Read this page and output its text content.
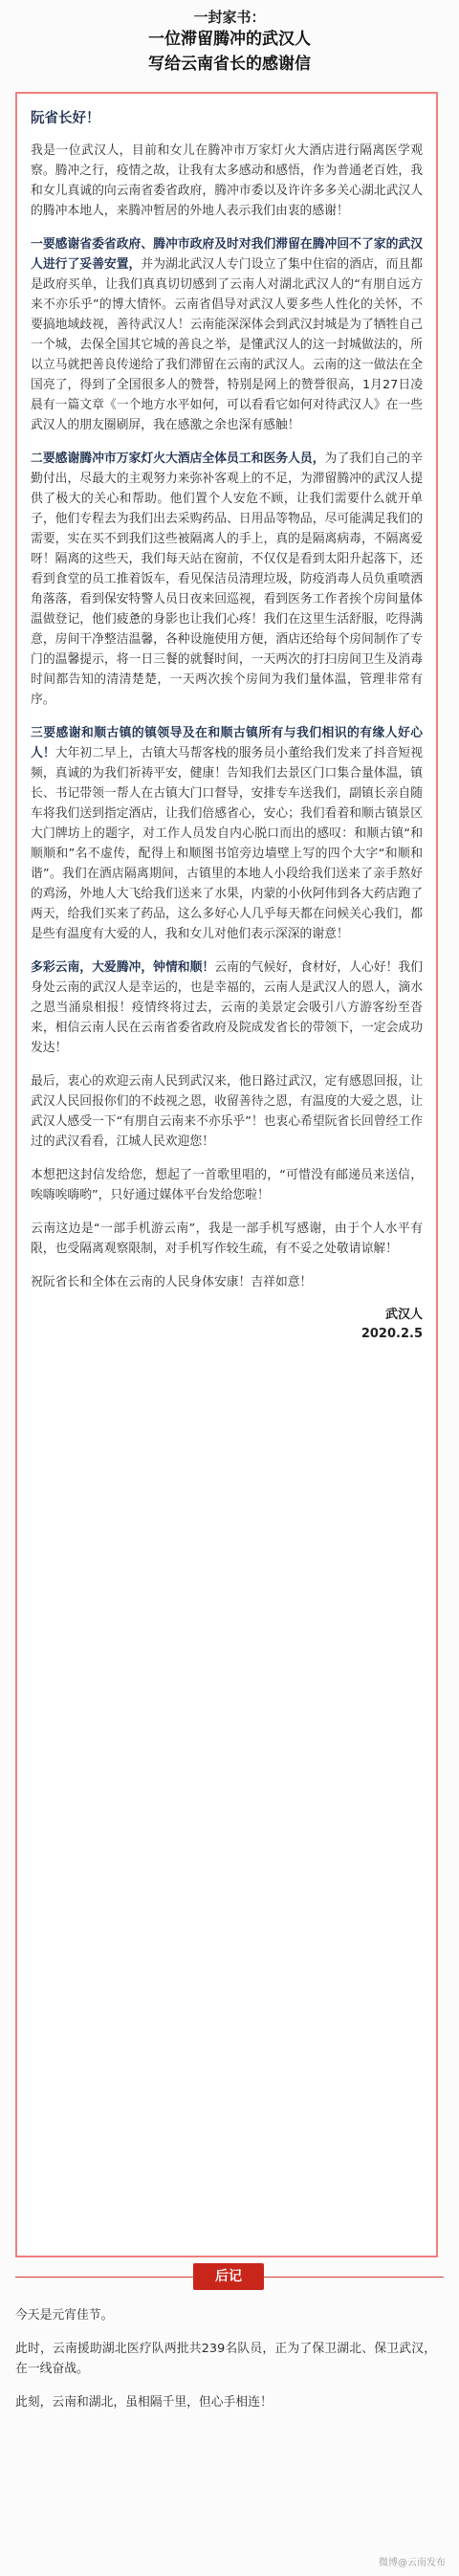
一封家书：
一位滞留腾冲的武汉人
写给云南省长的感谢信
阮省长好！

我是一位武汉人，目前和女儿在腾冲市万家灯火大酒店进行隔离医学观察。腾冲之行，疫情之故，让我有太多感动和感悟，作为普通老百姓，我和女儿真诚的向云南省委省政府，腾冲市委以及许许多多关心湖北武汉人的腾冲本地人，来腾冲暂居的外地人表示我们由衷的感谢！

一要感谢省委省政府、腾冲市政府及时对我们滞留在腾冲回不了家的武汉人进行了妥善安置，并为湖北武汉人专门设立了集中住宿的酒店，而且都是政府买单，让我们真真切切感到了云南人对湖北武汉人的“有朋自远方来不亦乐乎”的博大情怀。云南省倡导对武汉人要多些人性化的关怀，不要搞地域歧视，善待武汉人！云南能深深体会到武汉封城是为了牺牲自己一个城，去保全国其它城的善良之举，是懂武汉人的这一封城做法的，所以立马就把善良传递给了我们滞留在云南的武汉人。云南的这一做法在全国亮了，得到了全国很多人的赞誉，特别是网上的赞誉很高，1月27日凌晨有一篇文章《一个地方水平如何，可以看看它如何对待武汉人》在一些武汉人的朋友圈刷屏，我在感激之余也深有感触！

二要感谢腾冲市万家灯火大酒店全体员工和医务人员，为了我们自己的辛勤付出，尽最大的主观努力来弥补客观上的不足，为滞留腾冲的武汉人提供了极大的关心和帮助。他们置个人安危不顾，让我们需要什么就开单子，他们专程去为我们出去采购药品、日用品等物品，尽可能满足我们的需要，实在买不到我们这些被隔离人的手上，真的是隔离病毒，不隔离爱呀！隔离的这些天，我们每天站在窗前，不仅仅是看到太阳升起落下，还看到食堂的员工推着饭车，看见保洁员清理垃圾，防疫消毒人员负重喷洒角落落，看到保安特警人员日夜来回巡视，看到医务工作者挨个房间量体温做登记，他们疲惫的身影也让我们心疼！我们在这里生活舒服，吃得满意，房间干净整洁温馨，各种设施使用方便，酒店还给每个房间制作了专门的温馨提示，将一日三餐的就餐时间，一天两次的打扫房间卫生及消毒时间都告知的清清楚楚，一天两次挨个房间为我们量体温，管理非常有序。

三要感谢和顺古镇的镇领导及在和顺古镇所有与我们相识的有缘人好心人！大年初二早上，古镇大马帮客栈的服务员小董给我们发来了抖音短视频，真诚的为我们祈祷平安，健康！告知我们去景区门口集合量体温，镇长、书记带领一帮人在古镇大门口督导，安排专车送我们，副镇长亲自随车将我们送到指定酒店，让我们倍感省心，安心；我们看着和顺古镇景区大门牌坊上的题字，对工作人员发自内心脱口而出的感叹：和顺古镇“和顺顺和”名不虚传，配得上和顺图书馆旁边墙壁上写的四个大字“和顺和谐”。我们在酒店隔离期间，古镇里的本地人小段给我们送来了亲手熬好的鸡汤，外地人大飞给我们送来了水果，内蒙的小伙阿伟到各大药店跑了两天，给我们买来了药品，这么多好心人几乎每天都在问候关心我们，都是些有温度有大爱的人，我和女儿对他们表示深深的谢意！

多彩云南，大爱腾冲，钟情和顺！云南的气候好，食材好，人心好！我们身处云南的武汉人是幸运的，也是幸福的，云南人是武汉人的恩人，滴水之恩当涌泉相报！疫情终将过去，云南的美景定会吸引八方游客纷至沓来，相信云南人民在云南省委省政府及院成发省长的带领下，一定会成功发达！

最后，衷心的欢迎云南人民到武汉来，他日路过武汉，定有感恩回报，让武汉人民回报你们的不歧视之恩，收留善待之恩，有温度的大爱之恩，让武汉人感受一下“有朋自云南来不亦乐乎”！也衷心希望阮省长回曾经工作过的武汉看看，江城人民欢迎您！

本想把这封信发给您，想起了一首歌里唱的，“可惜没有邮递员来送信，唉嗨唉嗨哟”，只好通过媒体平台发给您啦！

云南这边是“一部手机游云南”，我是一部手机写感谢，由于个人水平有限，也受隔离观察限制，对手机写作较生疏，有不妥之处敬请谅解！

祝阮省长和全体在云南的人民身体安康！吉祥如意！

武汉人
2020.2.5
后记

今天是元宵佳节。

此时，云南援助湖北医疗队两批共239名队员，正为了保卫湖北、保卫武汉，在一线奋战。

此刻，云南和湖北，虽相隔千里，但心手相连！

微博@云南发布
